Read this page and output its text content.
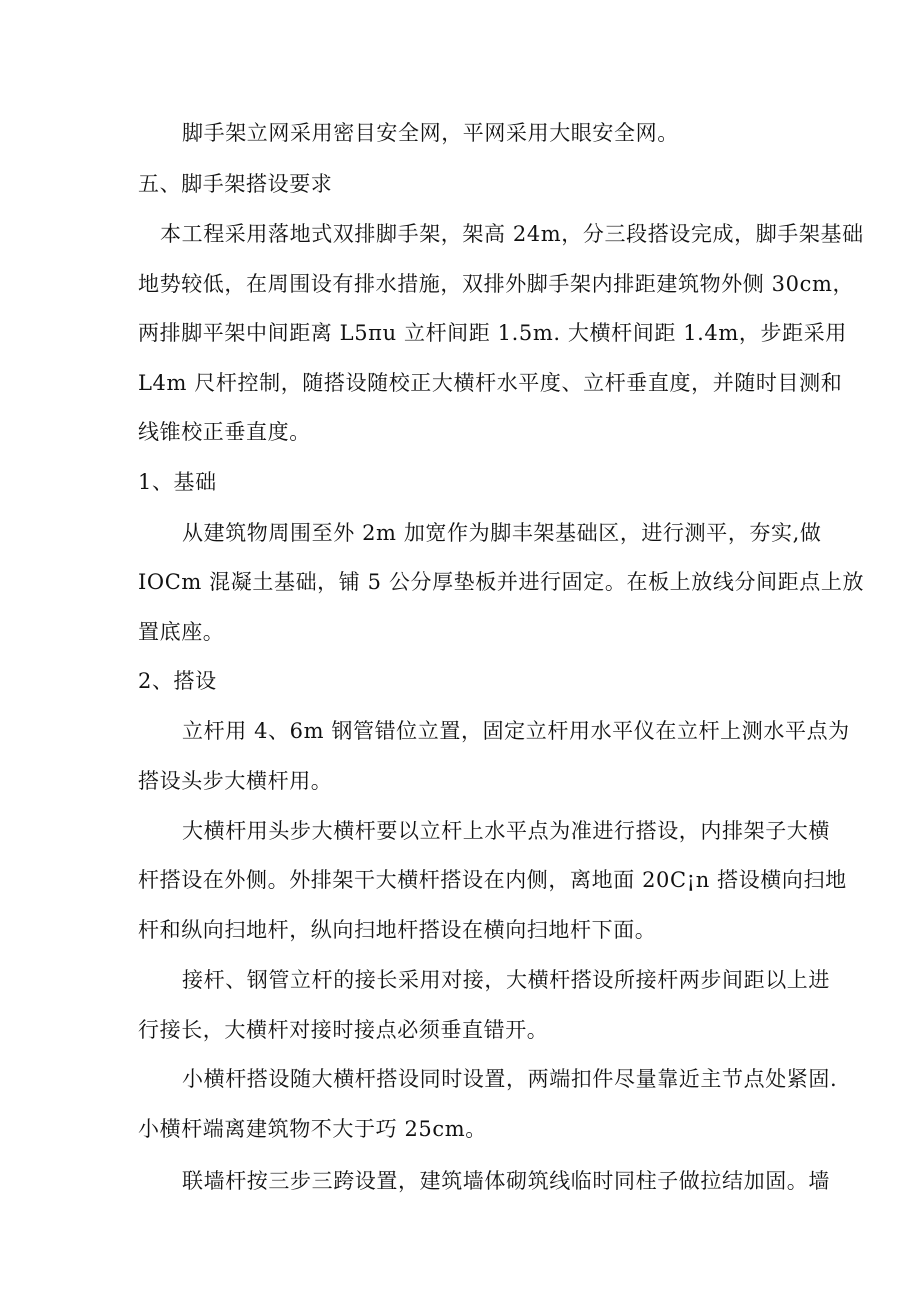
脚手架立网采用密目安全网，平网采用大眼安全网。
五、脚手架搭设要求
本工程采用落地式双排脚手架，架高 24m，分三段搭设完成，脚手架基础
地势较低，在周围设有排水措施，双排外脚手架内排距建筑物外侧 30cm，
两排脚平架中间距离 L5πu 立杆间距 1.5m. 大横杆间距 1.4m，步距采用
L4m 尺杆控制，随搭设随校正大横杆水平度、立杆垂直度，并随时目测和
线锥校正垂直度。
1、基础
从建筑物周围至外 2m 加宽作为脚丰架基础区，进行测平，夯实,做
IOCm 混凝土基础，铺 5 公分厚垫板并进行固定。在板上放线分间距点上放
置底座。
2、搭设
立杆用 4、6m 钢管错位立置，固定立杆用水平仪在立杆上测水平点为
搭设头步大横杆用。
大横杆用头步大横杆要以立杆上水平点为准进行搭设，内排架子大横
杆搭设在外侧。外排架干大横杆搭设在内侧，离地面 20C¡n 搭设横向扫地
杆和纵向扫地杆，纵向扫地杆搭设在横向扫地杆下面。
接杆、钢管立杆的接长采用对接，大横杆搭设所接杆两步间距以上进
行接长，大横杆对接时接点必须垂直错开。
小横杆搭设随大横杆搭设同时设置，两端扣件尽量靠近主节点处紧固.
小横杆端离建筑物不大于巧 25cm。
联墙杆按三步三跨设置，建筑墙体砌筑线临时同柱子做拉结加固。墙
